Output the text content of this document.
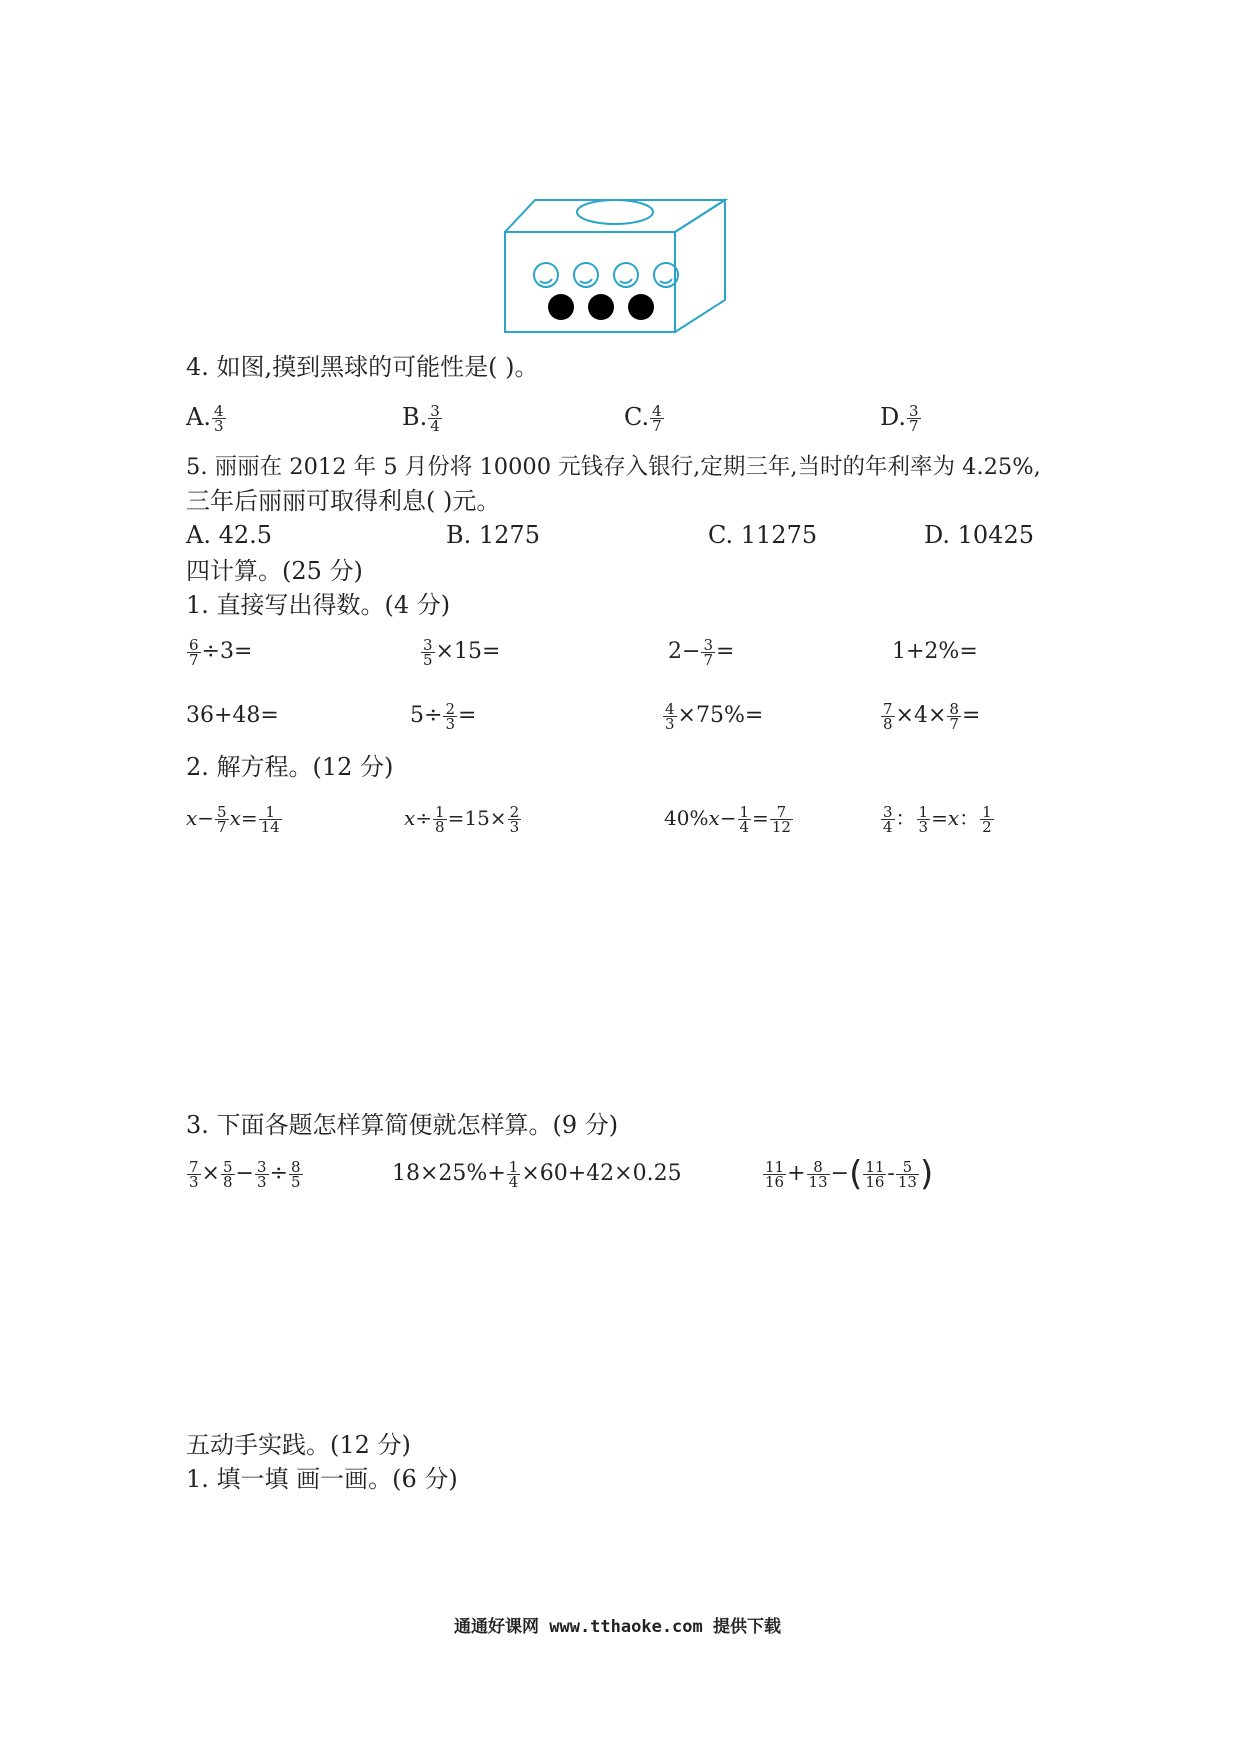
4. 如图,摸到黑球的可能性是( )。
A. $\frac{4}{3}$	B. $\frac{3}{4}$	C. $\frac{4}{7}$	D. $\frac{3}{7}$
5. 丽丽在 2012 年 5 月份将 10000 元钱存入银行,定期三年,当时的年利率为 4.25%,
三年后丽丽可取得利息( )元。
A. 42.5	B. 1275	C. 11275	D. 10425
四计算。(25 分)
1. 直接写出得数。(4 分)
$\frac{6}{7} \div 3=$	$\frac{3}{5} \times 15=$	$2- \frac{3}{7}$ =	1+2%=
36+48=	$5\div \frac{2}{3}$ =	$\frac{4}{3} \times 75\%=$	$\frac{7}{8} \times 4\times \frac{8}{7}$ =
2. 解方程。(12 分)
$x- \frac{5}{7} x= \frac{1}{14}$	$x\div \frac{1}{8} =15\times \frac{2}{3}$	$40\%x- \frac{1}{4} = \frac{7}{12}$	$\frac{3}{4}$ ： $\frac{1}{3} =x$： $\frac{1}{2}$
3. 下面各题怎样算简便就怎样算。(9 分)
$\frac{7}{3} \times \frac{5}{8} - \frac{3}{3} \div \frac{8}{5}$	$18\times 25\%+ \frac{1}{4} \times 60+42\times 0.25$	$\frac{11}{16} + \frac{8}{13}$ −( $\frac{11}{16} - \frac{5}{13}$ )
五动手实践。(12 分)
1. 填一填 画一画。(6 分)
通通好课网 www.tthaoke.com 提供下载
